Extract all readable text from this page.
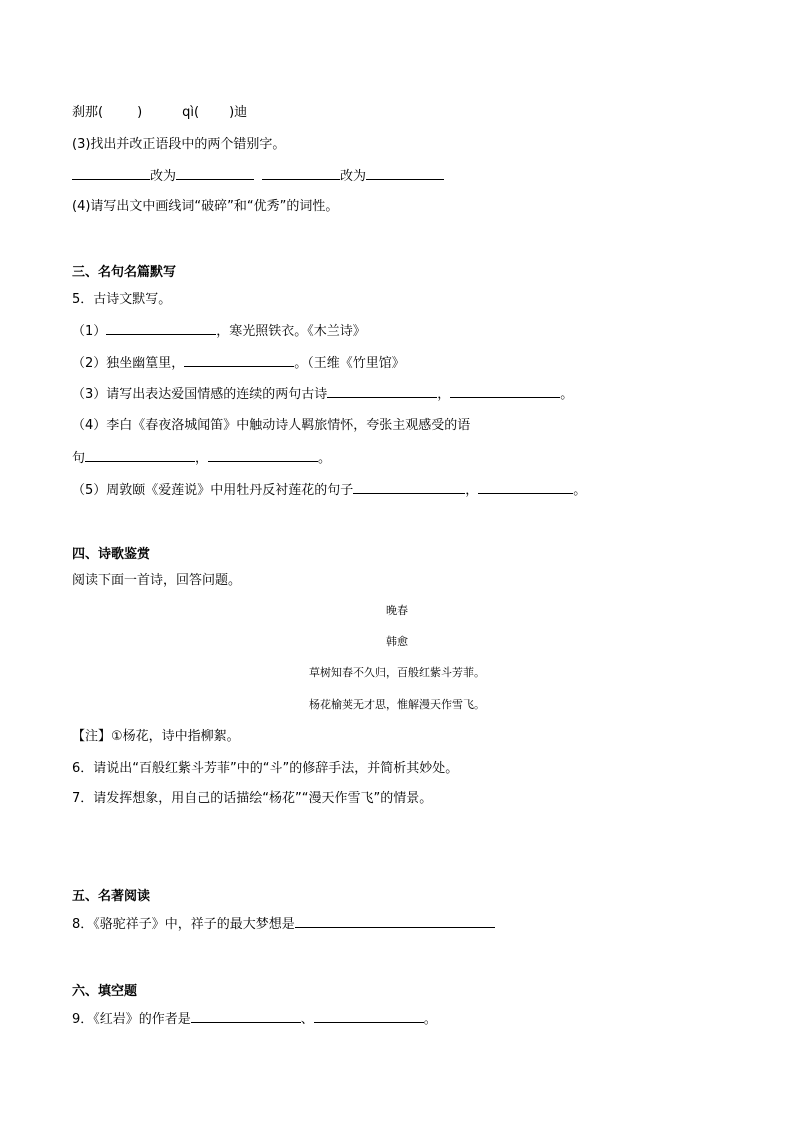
刹那(	)	qì( )迪
(3)找出并改正语段中的两个错别字。
改为	改为
(4)请写出文中画线词“破碎”和“优秀”的词性。
三、名句名篇默写
5．古诗文默写。
（1）	，寒光照铁衣。《木兰诗》
（2）独坐幽篁里，	。（王维《竹里馆》
（3）请写出表达爱国情感的连续的两句古诗	，	。
（4）李白《春夜洛城闻笛》中触动诗人羁旅情怀，夸张主观感受的语
句	，	。
（5）周敦颐《爱莲说》中用牡丹反衬莲花的句子	，	。
四、诗歌鉴赏
阅读下面一首诗，回答问题。
晚春
韩愈
草树知春不久归，百般红紫斗芳菲。
杨花榆荚无才思，惟解漫天作雪飞。
【注】①杨花，诗中指柳絮。
6．请说出“百般红紫斗芳菲”中的“斗”的修辞手法，并简析其妙处。
7．请发挥想象，用自己的话描绘“杨花”“漫天作雪飞”的情景。
五、名著阅读
8．《骆驼祥子》中，祥子的最大梦想是
六、填空题
9．《红岩》的作者是	、	。
